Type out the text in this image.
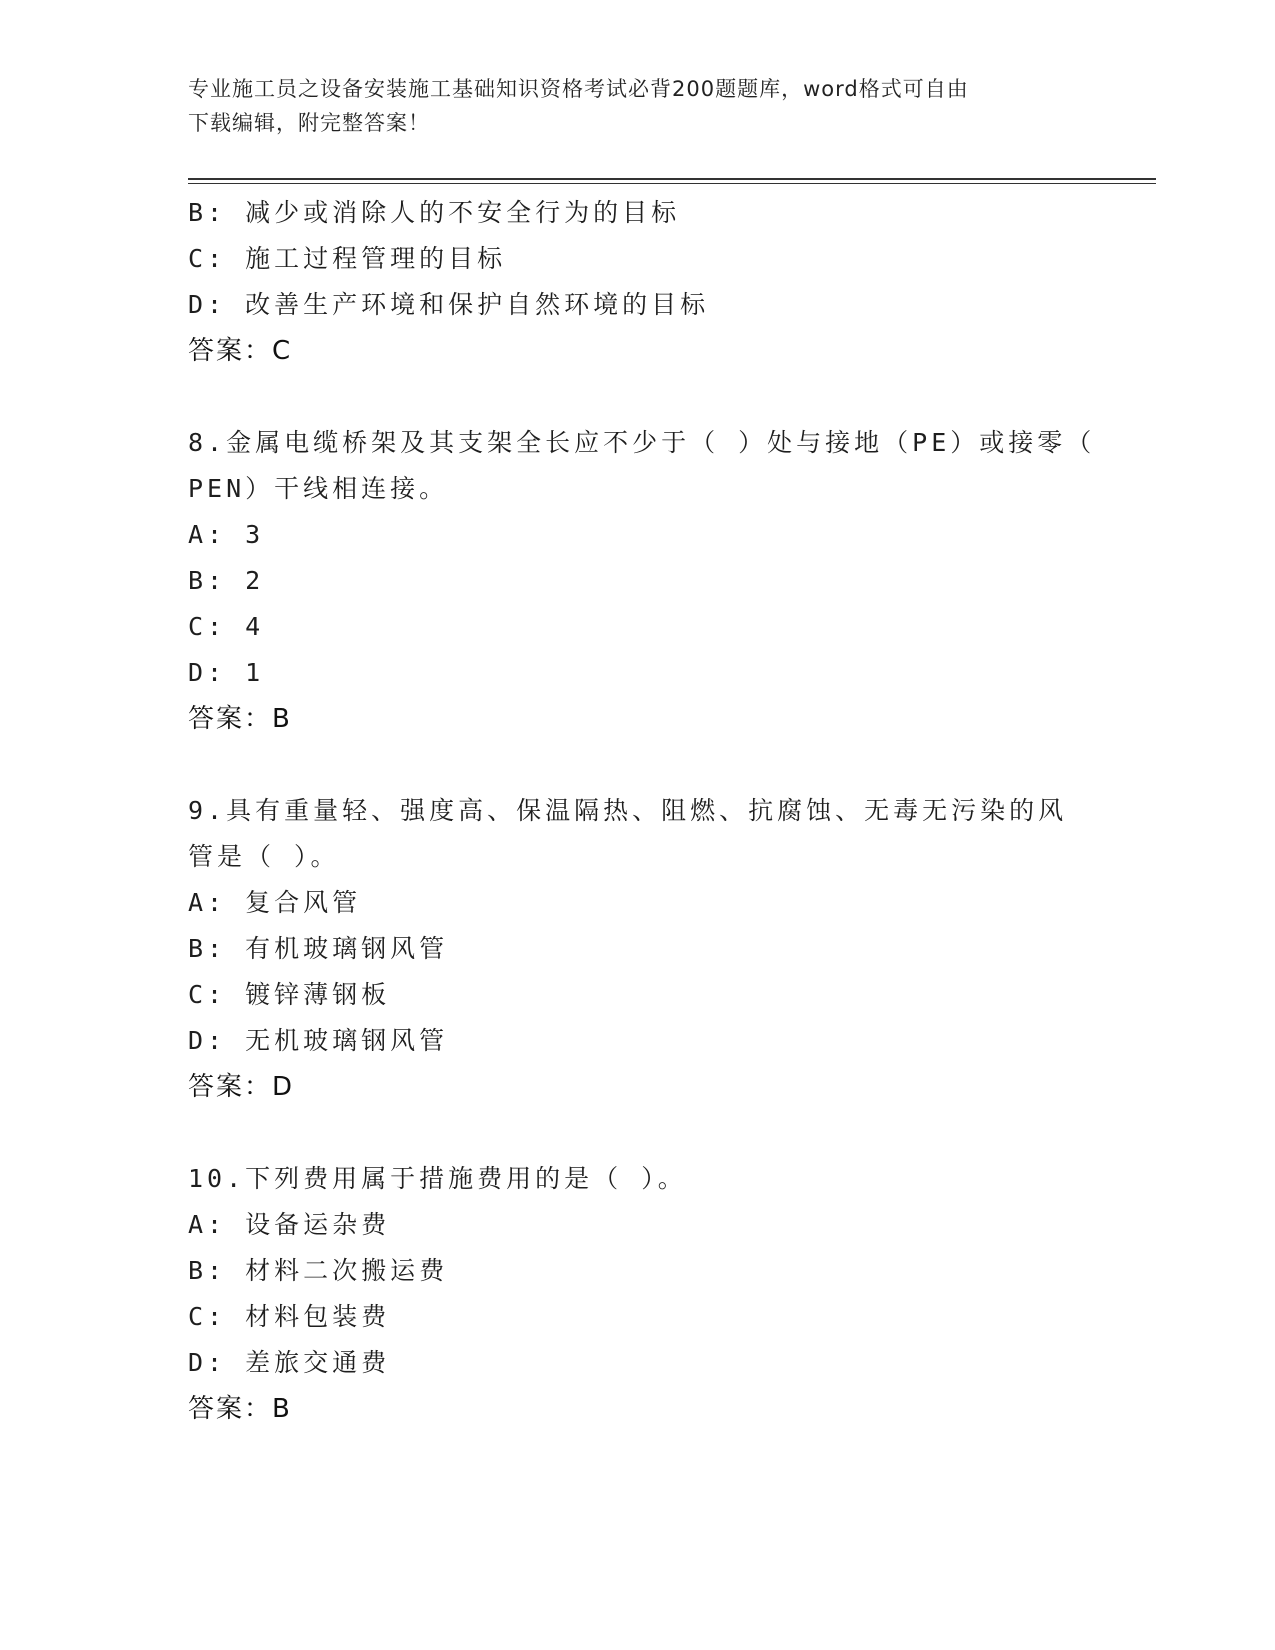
专业施工员之设备安装施工基础知识资格考试必背200题题库，word格式可自由
下载编辑，附完整答案！
B: 减少或消除人的不安全行为的目标
C: 施工过程管理的目标
D: 改善生产环境和保护自然环境的目标
答案：C
8.金属电缆桥架及其支架全长应不少于（ ）处与接地（PE）或接零（
PEN）干线相连接。
A: 3
B: 2
C: 4
D: 1
答案：B
9.具有重量轻、强度高、保温隔热、阻燃、抗腐蚀、无毒无污染的风
管是（ ）。
A: 复合风管
B: 有机玻璃钢风管
C: 镀锌薄钢板
D: 无机玻璃钢风管
答案：D
10.下列费用属于措施费用的是（ ）。
A: 设备运杂费
B: 材料二次搬运费
C: 材料包装费
D: 差旅交通费
答案：B
